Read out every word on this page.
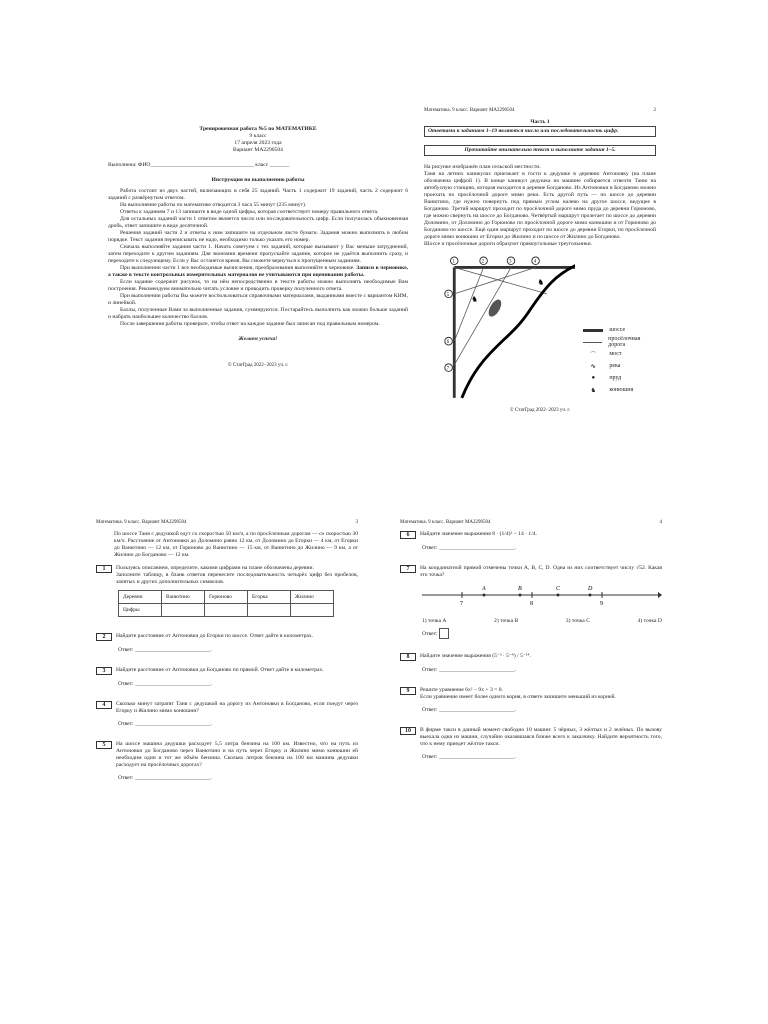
Тренировочная работа №5 по МАТЕМАТИКЕ
9 класс
17 апреля 2023 года
Вариант МА2290504
Выполнена: ФИО_____________________________________ класс _______
Инструкция по выполнению работы
Работа состоит из двух частей, включающих в себя 25 заданий. Часть 1 содержит 19 заданий, часть 2 содержит 6 заданий с развёрнутым ответом.
На выполнение работы по математике отводится 3 часа 55 минут (235 минут).
Ответы к заданиям 7 и 13 запишите в виде одной цифры, которая соответствует номеру правильного ответа.
Для остальных заданий части 1 ответом является число или последовательность цифр. Если получилась обыкновенная дробь, ответ запишите в виде десятичной.
Решения заданий части 2 и ответы к ним запишите на отдельном листе бумаги. Задания можно выполнять в любом порядке. Текст задания переписывать не надо, необходимо только указать его номер.
Сначала выполняйте задания части 1. Начать советуем с тех заданий, которые вызывают у Вас меньше затруднений, затем переходите к другим заданиям. Для экономии времени пропускайте задание, которое не удаётся выполнить сразу, и переходите к следующему. Если у Вас останется время, Вы сможете вернуться к пропущенным заданиям.
При выполнении части 1 все необходимые вычисления, преобразования выполняйте в черновике. Записи в черновике, а также в тексте контрольных измерительных материалов не учитываются при оценивании работы.
Если задание содержит рисунок, то на нём непосредственно в тексте работы можно выполнять необходимые Вам построения. Рекомендуем внимательно читать условие и проводить проверку полученного ответа.
При выполнении работы Вы можете воспользоваться справочными материалами, выданными вместе с вариантом КИМ, и линейкой.
Баллы, полученные Вами за выполненные задания, суммируются. Постарайтесь выполнить как можно больше заданий и набрать наибольшее количество баллов.
После завершения работы проверьте, чтобы ответ на каждое задание был записан под правильным номером.
Желаем успеха!
© СтатГрад 2022−2023 уч. г.
Математика. 9 класс. Вариант МА2290504	2
Часть 1
Ответами к заданиям 1–19 являются число или последовательность цифр.
Прочитайте внимательно текст и выполните задания 1–5.
На рисунке изображён план сельской местности.
Таня на летних каникулах приезжает в гости к дедушке в деревню Антоновку (на плане обозначена цифрой 1). В конце каникул дедушка на машине собирается отвезти Таню на автобусную станцию, которая находится в деревне Богданово. Из Антоновки в Богданово можно проехать по просёлочной дороге мимо реки. Есть другой путь — по шоссе до деревни Ванютино, где нужно повернуть под прямым углом налево на другое шоссе, ведущее в Богданово. Третий маршрут проходит по просёлочной дороге мимо пруда до деревни Горюново, где можно свернуть на шоссе до Богданово. Четвёртый маршрут пролегает по шоссе до деревни Доломино, от Доломино до Горюново по просёлочной дороге мимо конюшни и от Горюново до Богданово по шоссе. Ещё один маршрут проходит по шоссе до деревни Егорки, по просёлочной дороге мимо конюшни от Егорки до Жилино и по шоссе от Жилино до Богданово.
Шоссе и просёлочные дороги образуют прямоугольные треугольники.
♞
♞
1	2	3	4
5
6
7
шоссе
просёлочная дорога
⌒	мост
∿	река
●	пруд
♞	конюшня
© СтатГрад 2022−2023 уч. г.
Математика. 9 класс. Вариант МА2290504	3
По шоссе Таня с дедушкой едут со скоростью 50 км/ч, а по просёлочным дорогам — со скоростью 30 км/ч. Расстояние от Антоновки до Доломино равно 12 км, от Доломино до Егорки — 4 км, от Егорки до Ванютино — 12 км, от Горюново до Ванютино — 15 км, от Ванютино до Жилино — 9 км, а от Жилино до Богданово — 12 км.
1	Пользуясь описанием, определите, какими цифрами на плане обозначены деревни.
Заполните таблицу, в бланк ответов перенесите последовательность четырёх цифр без пробелов, запятых и других дополнительных символов.
Деревни	Ванютино	Горюново	Егорка	Жилино
Цифры				
2	Найдите расстояние от Антоновки до Егорки по шоссе. Ответ дайте в километрах.
Ответ: ___________________________.
3	Найдите расстояние от Антоновки до Богданово по прямой. Ответ дайте в километрах.
Ответ: ___________________________.
4	Сколько минут затратят Таня с дедушкой на дорогу из Антоновки в Богданово, если поедут через Егорку и Жилино мимо конюшни?
Ответ: ___________________________.
5	На шоссе машина дедушки расходует 5,5 литра бензина на 100 км. Известно, что на путь из Антоновки до Богданово через Ванютино и на путь через Егорку и Жилино мимо конюшни ей необходим один и тот же объём бензина. Сколько литров бензина на 100 км машина дедушки расходует на просёлочных дорогах?
Ответ: ___________________________.
Математика. 9 класс. Вариант МА2290504	4
6	Найдите значение выражения 8 · (1/4)² − 14 · 1/4.
Ответ: ___________________________.
7	На координатной прямой отмечены точки A, B, C, D. Одна из них соответствует числу √52. Какая это точка?
7	8	9
A	B	C	D
1) точка A	2) точка B	3) точка C	4) точка D
Ответ:
8	Найдите значение выражения (5⁻³ · 5⁻⁹) / 5⁻¹⁴.
Ответ: ___________________________.
9	Решите уравнение 6x² − 9x + 3 = 0.
Если уравнение имеет более одного корня, в ответе запишите меньший из корней.
Ответ: ___________________________.
10	В фирме такси в данный момент свободно 10 машин: 5 чёрных, 3 жёлтых и 2 зелёных. По вызову выехала одна из машин, случайно оказавшаяся ближе всего к заказчику. Найдите вероятность того, что к нему приедет жёлтое такси.
Ответ: ___________________________.
